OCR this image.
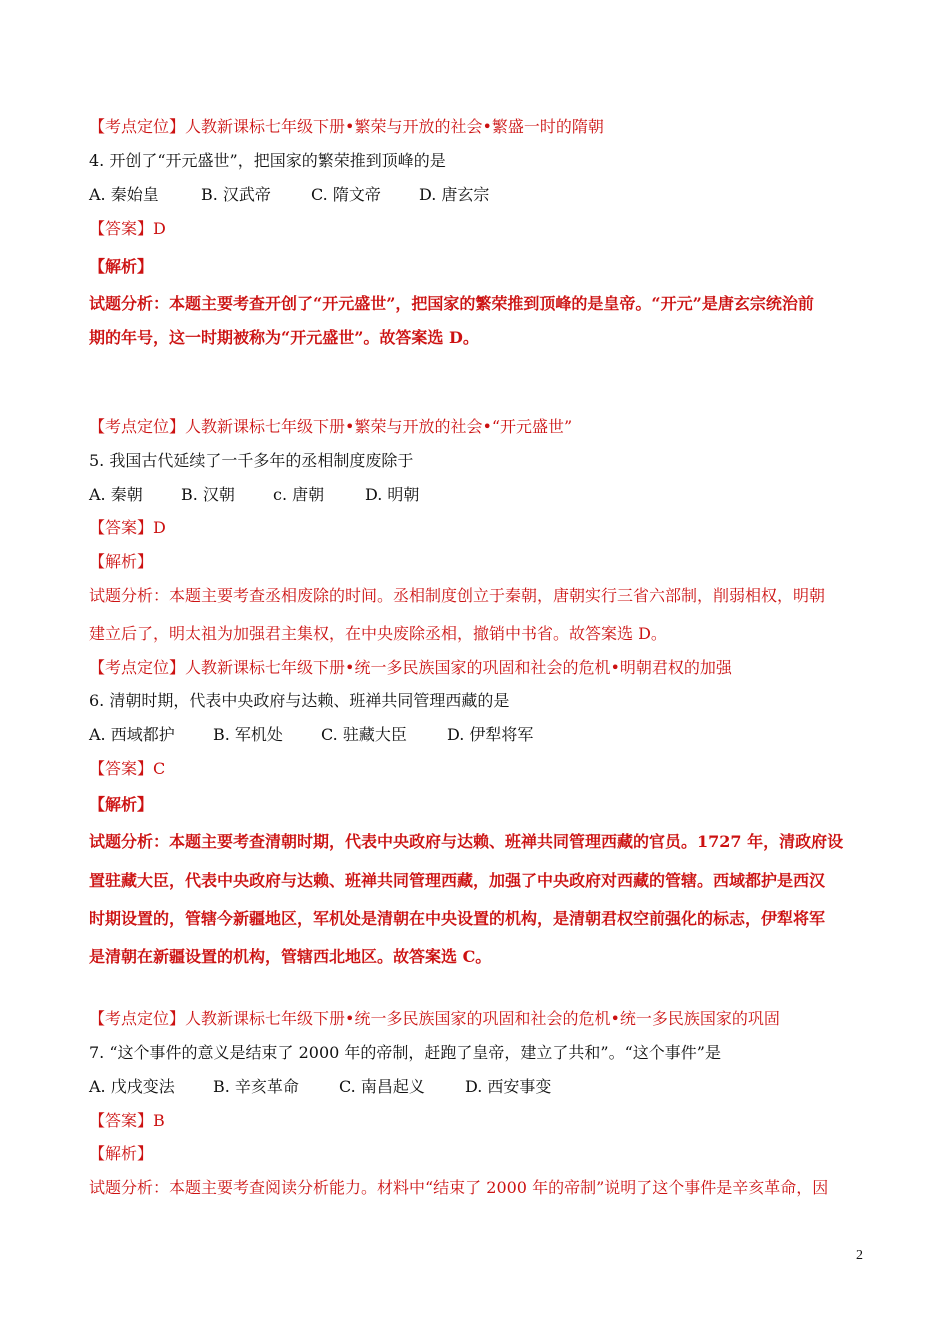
【考点定位】人教新课标七年级下册•繁荣与开放的社会•繁盛一时的隋朝
4. 开创了“开元盛世”，把国家的繁荣推到顶峰的是
A. 秦始皇	B. 汉武帝	C. 隋文帝 D. 唐玄宗
【答案】D
【解析】
试题分析：本题主要考查开创了“开元盛世”，把国家的繁荣推到顶峰的是皇帝。“开元”是唐玄宗统治前
期的年号，这一时期被称为“开元盛世”。故答案选 D。
【考点定位】人教新课标七年级下册•繁荣与开放的社会•“开元盛世”
5. 我国古代延续了一千多年的丞相制度废除于
A. 秦朝 B. 汉朝 c. 唐朝	D. 明朝
【答案】D
【解析】
试题分析：本题主要考查丞相废除的时间。丞相制度创立于秦朝，唐朝实行三省六部制，削弱相权，明朝
建立后了，明太祖为加强君主集权，在中央废除丞相，撤销中书省。故答案选 D。
【考点定位】人教新课标七年级下册•统一多民族国家的巩固和社会的危机•明朝君权的加强
6. 清朝时期，代表中央政府与达赖、班禅共同管理西藏的是
A. 西域都护 B. 军机处 C. 驻藏大臣	D. 伊犁将军
【答案】C
【解析】
试题分析：本题主要考查清朝时期，代表中央政府与达赖、班禅共同管理西藏的官员。1727 年，清政府设
置驻藏大臣，代表中央政府与达赖、班禅共同管理西藏，加强了中央政府对西藏的管辖。西域都护是西汉
时期设置的，管辖今新疆地区，军机处是清朝在中央设置的机构，是清朝君权空前强化的标志，伊犁将军
是清朝在新疆设置的机构，管辖西北地区。故答案选 C。
【考点定位】人教新课标七年级下册•统一多民族国家的巩固和社会的危机•统一多民族国家的巩固
7. “这个事件的意义是结束了 2000 年的帝制，赶跑了皇帝，建立了共和”。“这个事件”是
A. 戊戌变法 B. 辛亥革命	C. 南昌起义	D. 西安事变
【答案】B
【解析】
试题分析：本题主要考查阅读分析能力。材料中“结束了 2000 年的帝制”说明了这个事件是辛亥革命，因
2
